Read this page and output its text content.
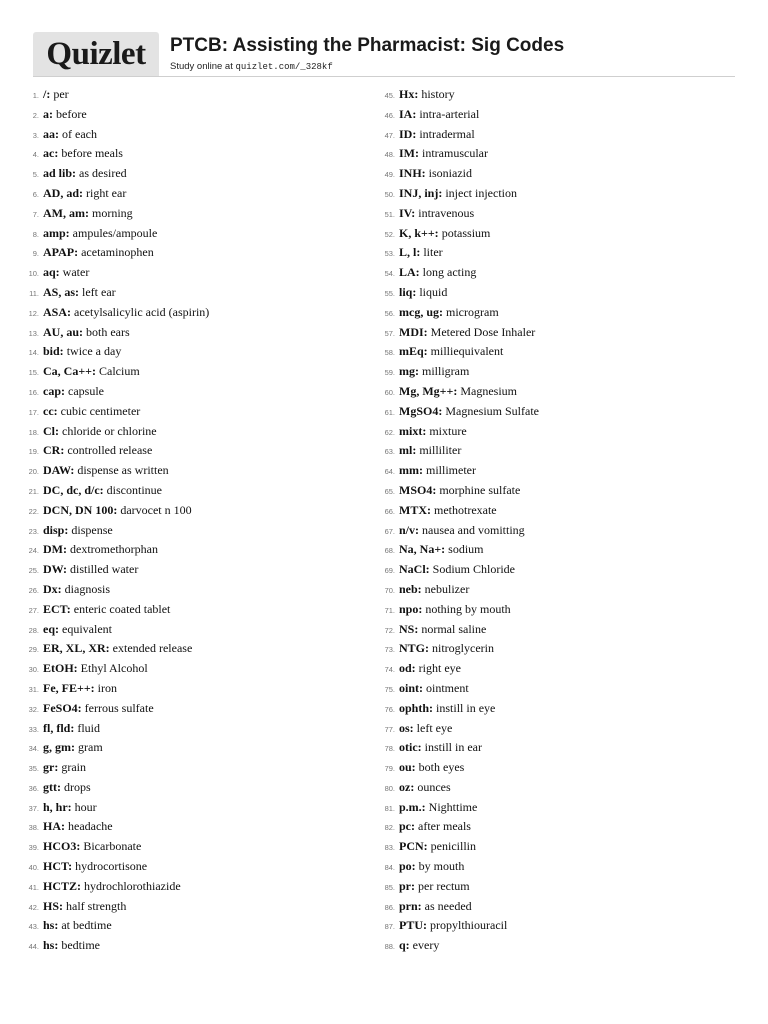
Quizlet	PTCB: Assisting the Pharmacist: Sig Codes
Study online at quizlet.com/_328kf
1. /:
per
2. a:
before
3. aa:
of each
4. ac:
before meals
5. ad lib:
as desired
6. AD, ad:
right ear
7. AM, am:
morning
8. amp:
ampules/ampoule
9. APAP:
acetaminophen
10. aq:
water
11. AS, as:
left ear
12. ASA:
acetylsalicylic acid (aspirin)
13. AU, au:
both ears
14. bid:
twice a day
15. Ca, Ca++:
Calcium
16. cap:
capsule
17. cc:
cubic centimeter
18. Cl:
chloride or chlorine
19. CR:
controlled release
20. DAW:
dispense as written
21. DC, dc, d/c:
discontinue
22. DCN, DN 100:
darvocet n 100
23. disp:
dispense
24. DM:
dextromethorphan
25. DW:
distilled water
26. Dx:
diagnosis
27. ECT:
enteric coated tablet
28. eq:
equivalent
29. ER, XL, XR:
extended release
30. EtOH:
Ethyl Alcohol
31. Fe, FE++:
iron
32. FeSO4:
ferrous sulfate
33. fl, fld:
fluid
34. g, gm:
gram
35. gr:
grain
36. gtt:
drops
37. h, hr:
hour
38. HA:
headache
39. HCO3:
Bicarbonate
40. HCT:
hydrocortisone
41. HCTZ:
hydrochlorothiazide
42. HS:
half strength
43. hs:
at bedtime
44. hs:
bedtime
45. Hx:
history
46. IA:
intra-arterial
47. ID:
intradermal
48. IM:
intramuscular
49. INH:
isoniazid
50. INJ, inj:
inject injection
51. IV:
intravenous
52. K, k++:
potassium
53. L, l:
liter
54. LA:
long acting
55. liq:
liquid
56. mcg, ug:
microgram
57. MDI:
Metered Dose Inhaler
58. mEq:
milliequivalent
59. mg:
milligram
60. Mg, Mg++:
Magnesium
61. MgSO4:
Magnesium Sulfate
62. mixt:
mixture
63. ml:
milliliter
64. mm:
millimeter
65. MSO4:
morphine sulfate
66. MTX:
methotrexate
67. n/v:
nausea and vomitting
68. Na, Na+:
sodium
69. NaCl:
Sodium Chloride
70. neb:
nebulizer
71. npo:
nothing by mouth
72. NS:
normal saline
73. NTG:
nitroglycerin
74. od:
right eye
75. oint:
ointment
76. ophth:
instill in eye
77. os:
left eye
78. otic:
instill in ear
79. ou:
both eyes
80. oz:
ounces
81. p.m.:
Nighttime
82. pc:
after meals
83. PCN:
penicillin
84. po:
by mouth
85. pr:
per rectum
86. prn:
as needed
87. PTU:
propylthiouracil
88. q:
every
